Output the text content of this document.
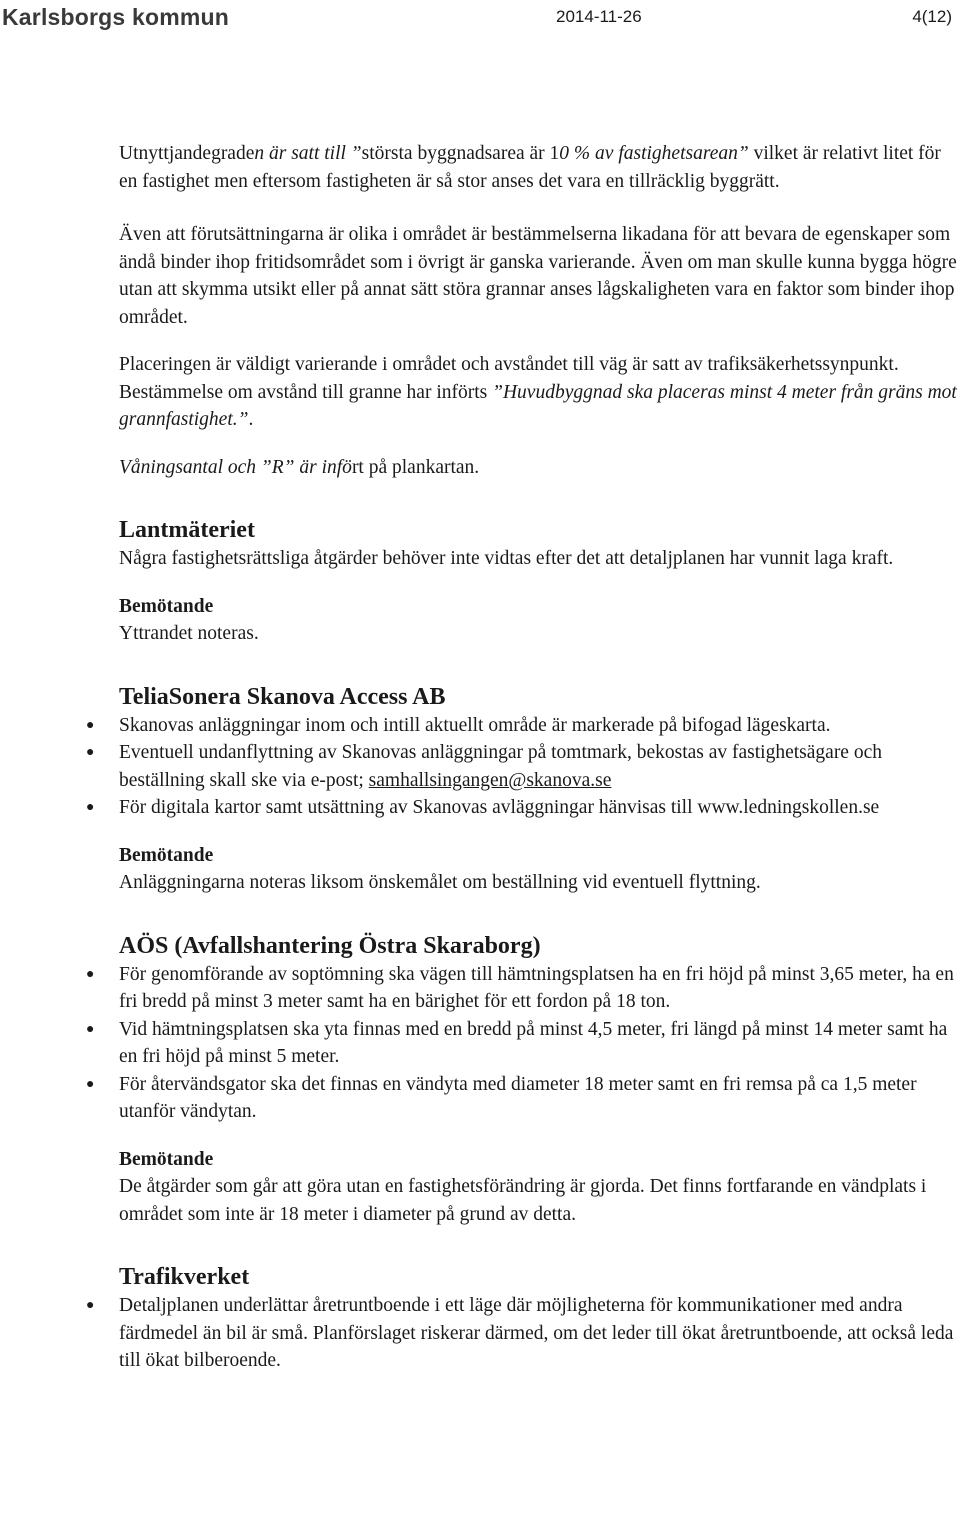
Karlsborgs kommun	2014-11-26	4(12)

Utnyttjandegraden är satt till ”största byggnadsarea är 10 % av fastighetsarean” vilket är relativt litet för en fastighet men eftersom fastigheten är så stor anses det vara en tillräcklig byggrätt.

Även att förutsättningarna är olika i området är bestämmelserna likadana för att bevara de egenskaper som ändå binder ihop fritidsområdet som i övrigt är ganska varierande. Även om man skulle kunna bygga högre utan att skymma utsikt eller på annat sätt störa grannar anses lågskaligheten vara en faktor som binder ihop området.

Placeringen är väldigt varierande i området och avståndet till väg är satt av trafiksäkerhetssynpunkt. Bestämmelse om avstånd till granne har införts ”Huvudbyggnad ska placeras minst 4 meter från gräns mot grannfastighet.”.

Våningsantal och ”R” är infört på plankartan.

Lantmäteriet

Några fastighetsrättsliga åtgärder behöver inte vidtas efter det att detaljplanen har vunnit laga kraft.

Bemötande

Yttrandet noteras.

TeliaSonera Skanova Access AB
● Skanovas anläggningar inom och intill aktuellt område är markerade på bifogad lägeskarta.
● Eventuell undanflyttning av Skanovas anläggningar på tomtmark, bekostas av fastighetsägare och beställning skall ske via e-post; samhallsingangen@skanova.se
● För digitala kartor samt utsättning av Skanovas avläggningar hänvisas till www.ledningskollen.se

Bemötande

Anläggningarna noteras liksom önskemålet om beställning vid eventuell flyttning.

AÖS (Avfallshantering Östra Skaraborg)
● För genomförande av soptömning ska vägen till hämtningsplatsen ha en fri höjd på minst 3,65 meter, ha en fri bredd på minst 3 meter samt ha en bärighet för ett fordon på 18 ton.
● Vid hämtningsplatsen ska yta finnas med en bredd på minst 4,5 meter, fri längd på minst 14 meter samt ha en fri höjd på minst 5 meter.
● För återvändsgator ska det finnas en vändyta med diameter 18 meter samt en fri remsa på ca 1,5 meter utanför vändytan.

Bemötande

De åtgärder som går att göra utan en fastighetsförändring är gjorda. Det finns fortfarande en vändplats i området som inte är 18 meter i diameter på grund av detta.

Trafikverket
● Detaljplanen underlättar åretruntboende i ett läge där möjligheterna för kommunikationer med andra färdmedel än bil är små. Planförslaget riskerar därmed, om det leder till ökat åretruntboende, att också leda till ökat bilberoende.
